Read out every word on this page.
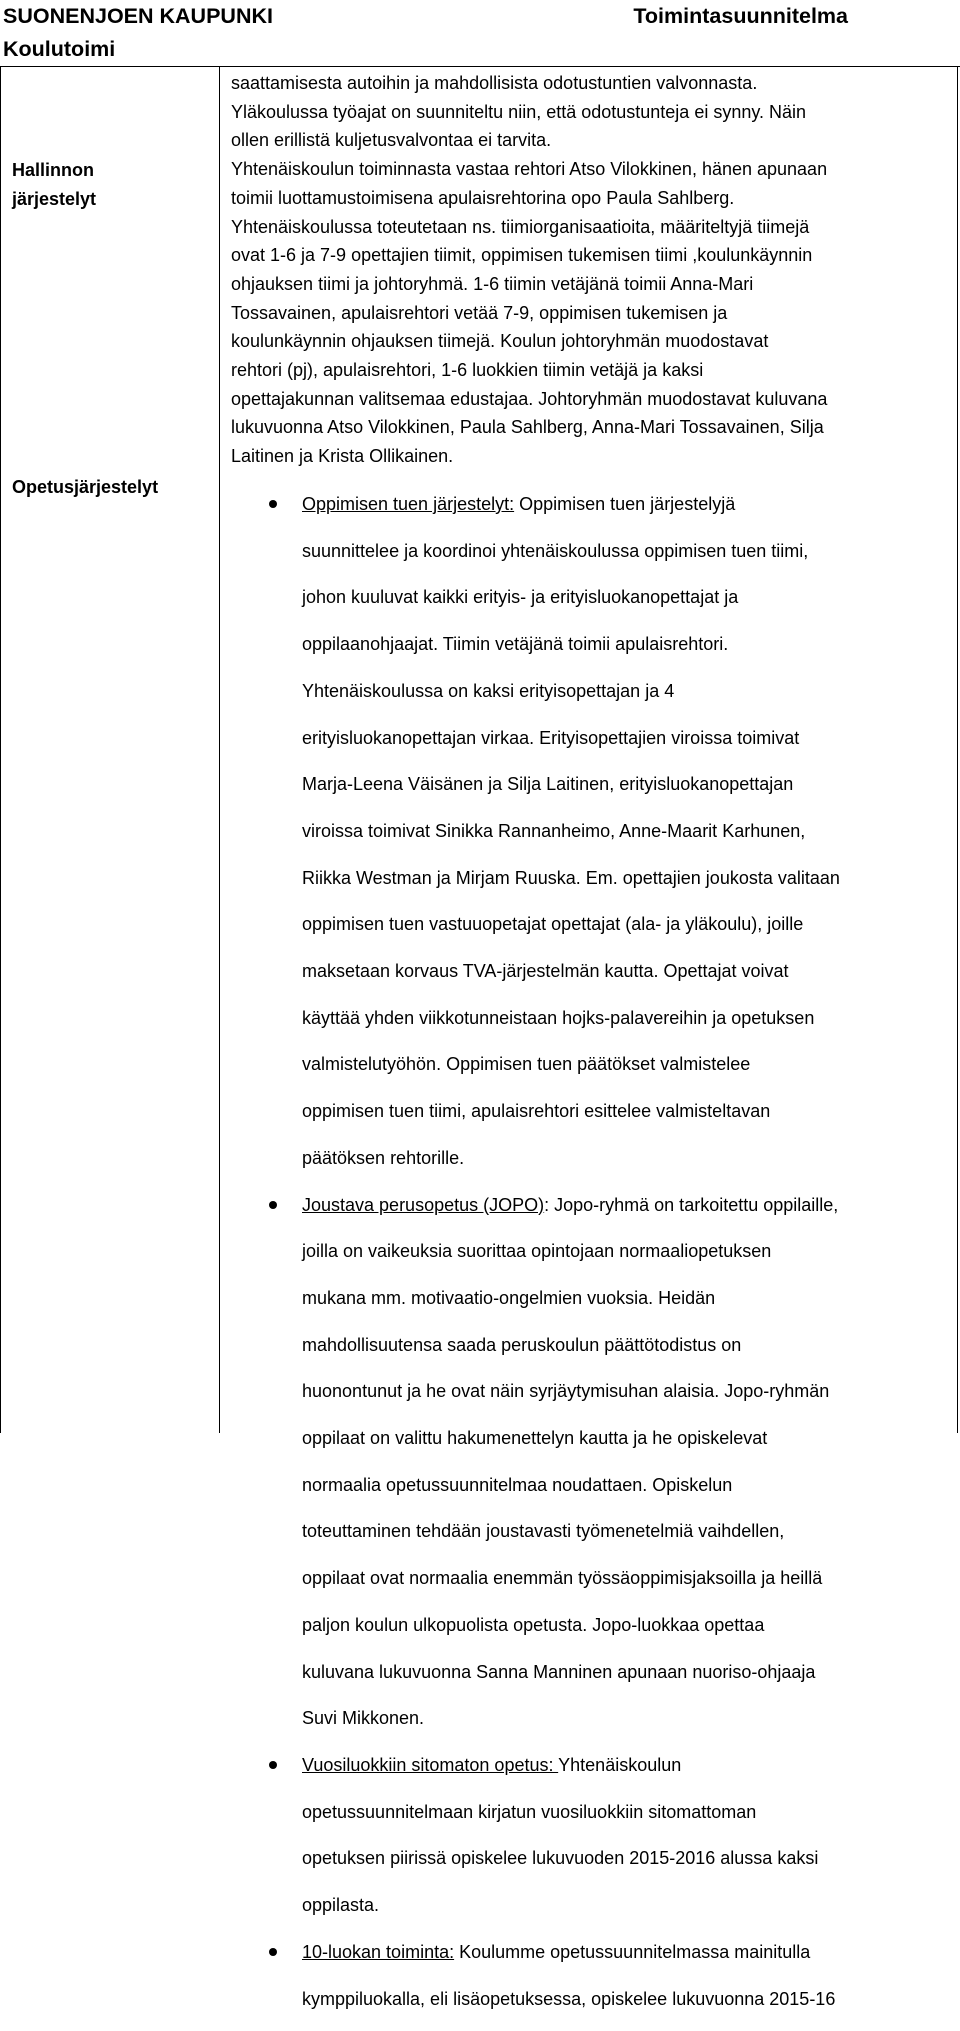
SUONENJOEN KAUPUNKI
Koulutoimi
Toimintasuunnitelma
Hallinnon
järjestelyt

saattamisesta autoihin ja mahdollisista odotustuntien valvonnasta.

Yläkoulussa työajat on suunniteltu niin, että odotustunteja ei synny. Näin

ollen erillistä kuljetusvalvontaa ei tarvita.

Yhtenäiskoulun toiminnasta vastaa rehtori Atso Vilokkinen, hänen apunaan

toimii luottamustoimisena apulaisrehtorina opo Paula Sahlberg.

Yhtenäiskoulussa toteutetaan ns. tiimiorganisaatioita, määriteltyjä tiimejä

ovat 1-6 ja 7-9 opettajien tiimit, oppimisen tukemisen tiimi ,koulunkäynnin

ohjauksen tiimi ja johtoryhmä. 1-6 tiimin vetäjänä toimii Anna-Mari

Tossavainen, apulaisrehtori vetää 7-9, oppimisen tukemisen ja

koulunkäynnin ohjauksen tiimejä. Koulun johtoryhmän muodostavat

rehtori (pj), apulaisrehtori, 1-6 luokkien tiimin vetäjä ja kaksi

opettajakunnan valitsemaa edustajaa. Johtoryhmän muodostavat kuluvana

lukuvuonna Atso Vilokkinen, Paula Sahlberg, Anna-Mari Tossavainen, Silja

Laitinen ja Krista Ollikainen.

Opetusjärjestelyt

Oppimisen tuen järjestelyt: Oppimisen tuen järjestelyjä

suunnittelee ja koordinoi yhtenäiskoulussa oppimisen tuen tiimi,

johon kuuluvat kaikki erityis- ja erityisluokanopettajat ja

oppilaanohjaajat. Tiimin vetäjänä toimii apulaisrehtori.

Yhtenäiskoulussa on kaksi erityisopettajan ja 4

erityisluokanopettajan virkaa. Erityisopettajien viroissa toimivat

Marja-Leena Väisänen ja Silja Laitinen, erityisluokanopettajan

viroissa toimivat Sinikka Rannanheimo, Anne-Maarit Karhunen,

Riikka Westman ja Mirjam Ruuska. Em. opettajien joukosta valitaan

oppimisen tuen vastuuopetajat opettajat (ala- ja yläkoulu), joille

maksetaan korvaus TVA-järjestelmän kautta. Opettajat voivat

käyttää yhden viikkotunneistaan hojks-palavereihin ja opetuksen

valmistelutyöhön. Oppimisen tuen päätökset valmistelee

oppimisen tuen tiimi, apulaisrehtori esittelee valmisteltavan

päätöksen rehtorille.

Joustava perusopetus (JOPO): Jopo-ryhmä on tarkoitettu oppilaille,

joilla on vaikeuksia suorittaa opintojaan normaaliopetuksen

mukana mm. motivaatio-ongelmien vuoksia. Heidän

mahdollisuutensa saada peruskoulun päättötodistus on

huonontunut ja he ovat näin syrjäytymisuhan alaisia. Jopo-ryhmän

oppilaat on valittu hakumenettelyn kautta ja he opiskelevat

normaalia opetussuunnitelmaa noudattaen. Opiskelun

toteuttaminen tehdään joustavasti työmenetelmiä vaihdellen,

oppilaat ovat normaalia enemmän työssäoppimisjaksoilla ja heillä

paljon koulun ulkopuolista opetusta. Jopo-luokkaa opettaa

kuluvana lukuvuonna Sanna Manninen apunaan nuoriso-ohjaaja

Suvi Mikkonen.

Vuosiluokkiin sitomaton opetus: Yhtenäiskoulun

opetussuunnitelmaan kirjatun vuosiluokkiin sitomattoman

opetuksen piirissä opiskelee lukuvuoden 2015-2016 alussa kaksi

oppilasta.

10-luokan toiminta: Koulumme opetussuunnitelmassa mainitulla

kymppiluokalla, eli lisäopetuksessa, opiskelee lukuvuonna 2015-16
